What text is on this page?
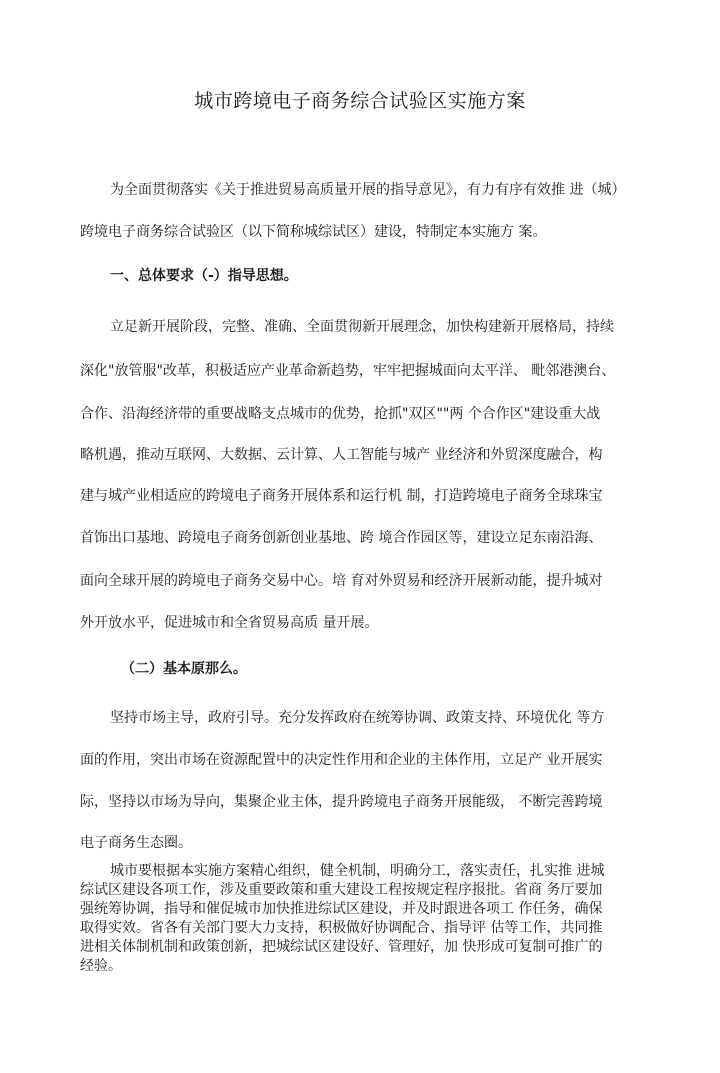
城市跨境电子商务综合试验区实施方案
为全面贯彻落实《关于推进贸易高质量开展的指导意见》，有力有序有效推 进（城）
跨境电子商务综合试验区（以下简称城综试区）建设，特制定本实施方 案。
一、总体要求（-）指导思想。
立足新开展阶段，完整、准确、全面贯彻新开展理念，加快构建新开展格局，持续
深化"放管服"改革，积极适应产业革命新趋势，牢牢把握城面向太平洋、 毗邻港澳台、
合作、沿海经济带的重要战略支点城市的优势，抢抓"双区""两 个合作区"建设重大战
略机遇，推动互联网、大数据、云计算、人工智能与城产 业经济和外贸深度融合，构
建与城产业相适应的跨境电子商务开展体系和运行机 制，打造跨境电子商务全球珠宝
首饰出口基地、跨境电子商务创新创业基地、跨 境合作园区等，建设立足东南沿海、
面向全球开展的跨境电子商务交易中心。培 育对外贸易和经济开展新动能，提升城对
外开放水平，促进城市和全省贸易高质 量开展。
（二）基本原那么。
坚持市场主导，政府引导。充分发挥政府在统筹协调、政策支持、环境优化 等方
面的作用，突出市场在资源配置中的决定性作用和企业的主体作用，立足产 业开展实
际，坚持以市场为导向，集聚企业主体，提升跨境电子商务开展能级， 不断完善跨境
电子商务生态圈。
城市要根据本实施方案精心组织，健全机制，明确分工，落实责任，扎实推 进城
综试区建设各项工作，涉及重要政策和重大建设工程按规定程序报批。省商 务厅要加
强统筹协调，指导和催促城市加快推进综试区建设，并及时跟进各项工 作任务，确保
取得实效。省各有关部门要大力支持，积极做好协调配合、指导评 估等工作，共同推
进相关体制机制和政策创新，把城综试区建设好、管理好，加 快形成可复制可推广的
经验。
